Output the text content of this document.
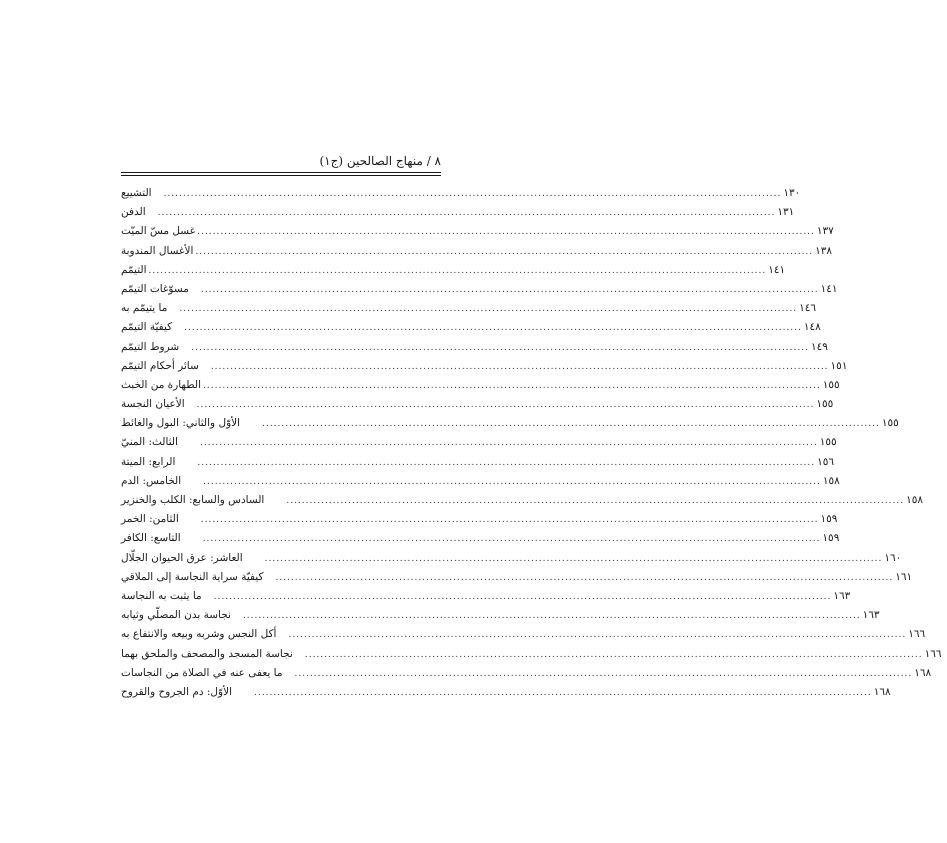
٨ / منهاج الصالحين (ج١)
التشييع ................................................................................................................................................................ ١٣٠
الدفن ................................................................................................................................................................ ١٣١
غسل مسّ الميّت ................................................................................................................................................................ ١٣٧
الأغسال المندوبة ................................................................................................................................................................ ١٣٨
التيمّم ................................................................................................................................................................ ١٤١
مسوّغات التيمّم ................................................................................................................................................................ ١٤١
ما يتيمّم به ................................................................................................................................................................ ١٤٦
كيفيّة التيمّم ................................................................................................................................................................ ١٤٨
شروط التيمّم ................................................................................................................................................................ ١٤٩
سائر أحكام التيمّم ................................................................................................................................................................ ١٥١
الطهارة من الخبث ................................................................................................................................................................ ١٥٥
الأعيان النجسة ................................................................................................................................................................ ١٥٥
الأوّل والثاني: البول والغائط ................................................................................................................................................................ ١٥٥
الثالث: المنيّ ................................................................................................................................................................ ١٥٥
الرابع: الميتة ................................................................................................................................................................ ١٥٦
الخامس: الدم ................................................................................................................................................................ ١٥٨
السادس والسابع: الكلب والخنزير ................................................................................................................................................................ ١٥٨
الثامن: الخمر ................................................................................................................................................................ ١٥٩
التاسع: الكافر ................................................................................................................................................................ ١٥٩
العاشر: عرق الحيوان الجلّال ................................................................................................................................................................ ١٦٠
كيفيّة سراية النجاسة إلى الملاقي ................................................................................................................................................................ ١٦١
ما يثبت به النجاسة ................................................................................................................................................................ ١٦٣
نجاسة بدن المصلّي وثيابه ................................................................................................................................................................ ١٦٣
أكل النجس وشربه وبيعه والانتفاع به ................................................................................................................................................................ ١٦٦
نجاسة المسجد والمصحف والملحق بهما ................................................................................................................................................................ ١٦٦
ما يعفى عنه في الصلاة من النجاسات ................................................................................................................................................................ ١٦٨
الأوّل: دم الجروح والقروح ................................................................................................................................................................ ١٦٨
